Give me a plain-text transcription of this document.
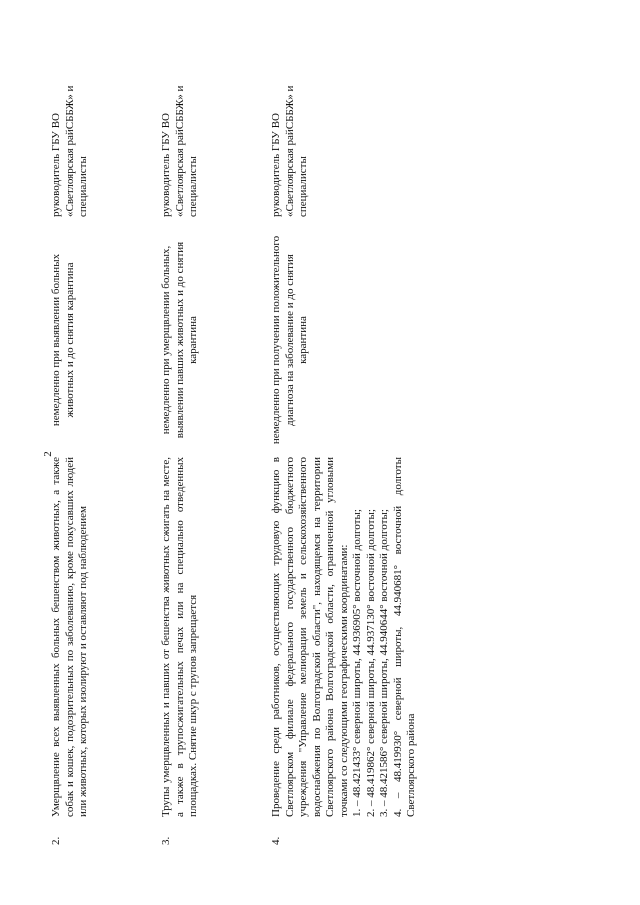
2
2.
Умерщвление всех выявленных больных бешенством животных, а также собак и кошек, подозрительных по заболеванию, кроме покусавших людей или животных, которых изолируют и оставляют под наблюдением
немедленно при выявлении больных животных и до снятия карантина
руководитель ГБУ ВО «Светлоярская райСББЖ» и специалисты
3.
Трупы умерщвленных и павших от бешенства животных сжигать на месте, а также в трупосжигательных печах или на специально отведенных площадках. Снятие шкур с трупов запрещается
немедленно при умерщвлении больных, выявлении павших животных и до снятия карантина
руководитель ГБУ ВО «Светлоярская райСББЖ» и специалисты
4.
Проведение среди работников, осуществляющих трудовую функцию в Светлоярском филиале федерального государственного бюджетного учреждения "Управление мелиорации земель и сельскохозяйственного водоснабжения по Волгоградской области", находящемся на территории Светлоярского района Волгоградской области, ограниченной угловыми точками со следующими географическими координатами: 1. – 48.421433° северной широты, 44.936905° восточной долготы; 2. – 48.419862° северной широты, 44.937130° восточной долготы; 3. – 48.421586° северной широты, 44.940644° восточной долготы; 4. – 48.419930° северной широты, 44.940681° восточной долготы Светлоярского района
немедленно при получении положительного диагноза на заболевание и до снятия карантина
руководитель ГБУ ВО «Светлоярская райСББЖ» и специалисты
